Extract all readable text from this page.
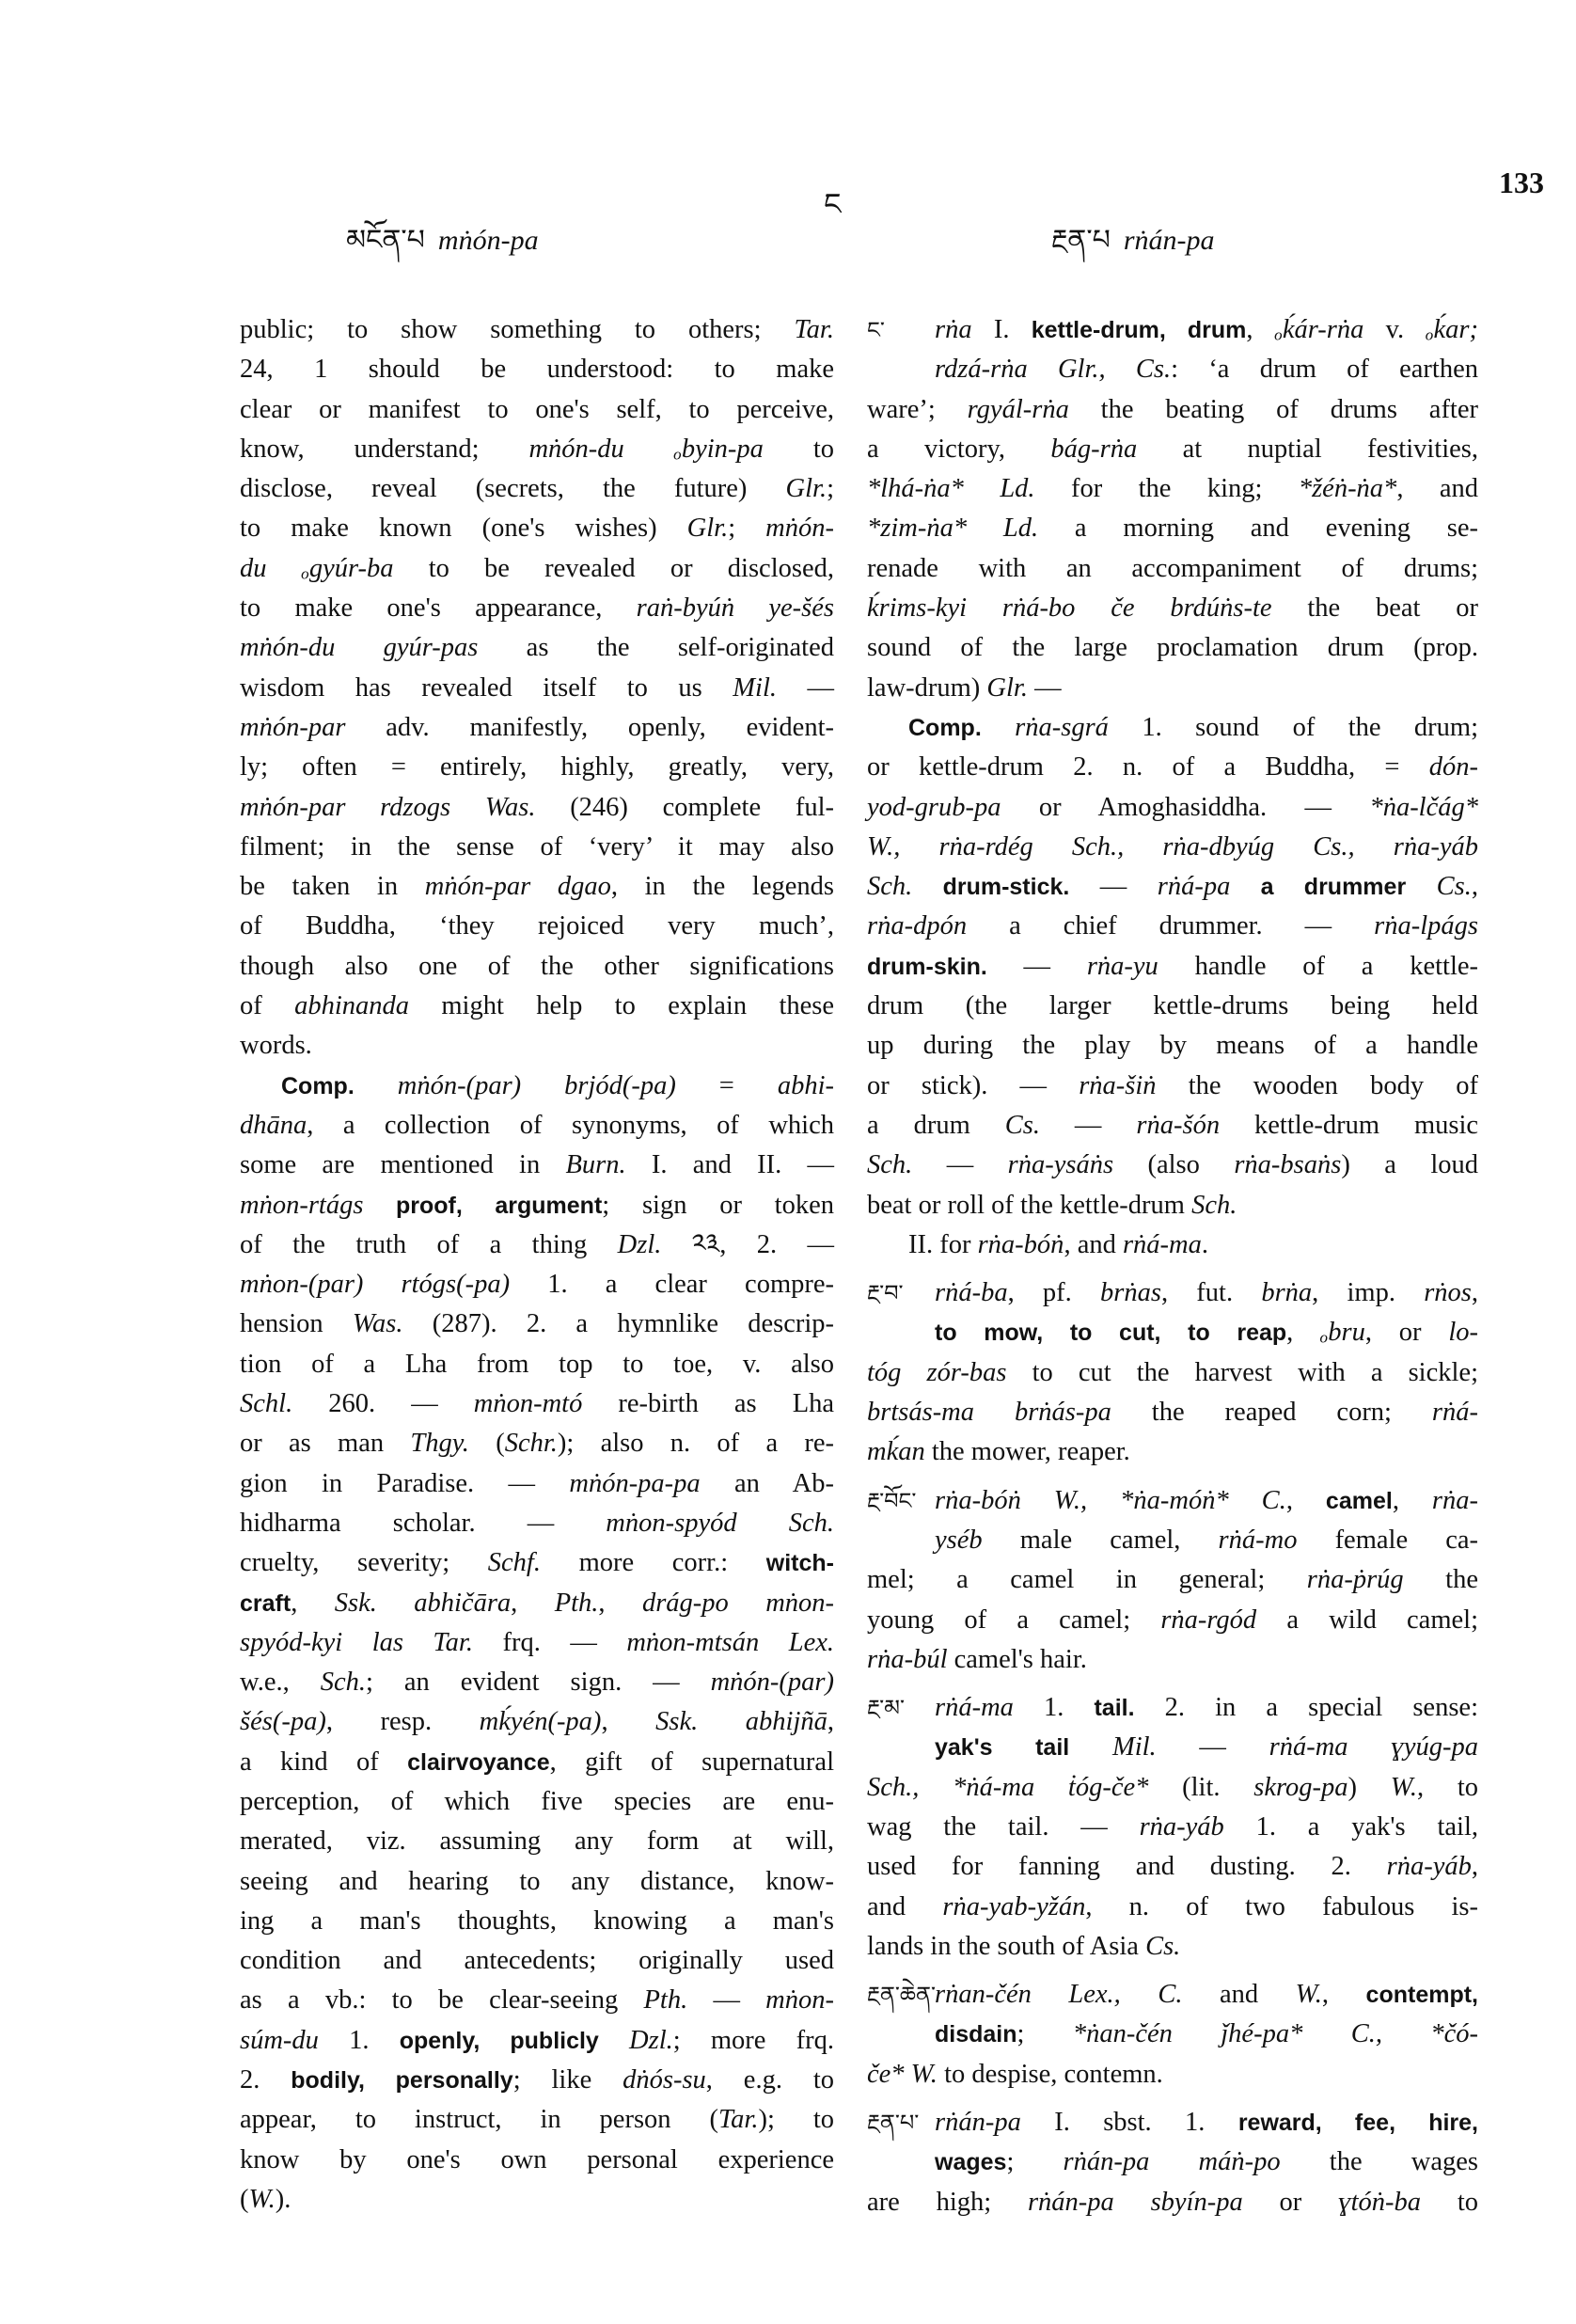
མངོན་པ mṅón-pa
ང
རྔན་པ rṅán-pa
133
public; to show something to others; Tar.
24, 1 should be understood: to make
clear or manifest to one's self, to perceive,
know, understand; mṅón-du ₒbyin-pa to
disclose, reveal (secrets, the future) Glr.;
to make known (one's wishes) Glr.; mṅón-
du ₒgyúr-ba to be revealed or disclosed,
to make one's appearance, raṅ-byúṅ ye-šés
mṅón-du gyúr-pas as the self-originated
wisdom has revealed itself to us Mil. —
mṅón-par adv. manifestly, openly, evident-
ly; often = entirely, highly, greatly, very,
mṅón-par rdzogs Was. (246) complete ful-
filment; in the sense of ‘very’ it may also
be taken in mṅón-par dgao, in the legends
of Buddha, ‘they rejoiced very much’,
though also one of the other significations
of abhinanda might help to explain these
words.
Comp. mṅón-(par) brjód(-pa) = abhi-
dhāna, a collection of synonyms, of which
some are mentioned in Burn. I. and II. —
mṅon-rtágs proof, argument; sign or token
of the truth of a thing Dzl. ༢༣, 2. —
mṅon-(par) rtógs(-pa) 1. a clear compre-
hension Was. (287). 2. a hymnlike descrip-
tion of a Lha from top to toe, v. also
Schl. 260. — mṅon-mtó re-birth as Lha
or as man Thgy. (Schr.); also n. of a re-
gion in Paradise. — mṅón-pa-pa an Ab-
hidharma scholar. — mṅon-spyód Sch.
cruelty, severity; Schf. more corr.: witch-
craft, Ssk. abhičāra, Pth., drág-po mṅon-
spyód-kyi las Tar. frq. — mṅon-mtsán Lex.
w.e., Sch.; an evident sign. — mṅón-(par)
šés(-pa), resp. mḱyén(-pa), Ssk. abhijñā,
a kind of clairvoyance, gift of supernatural
perception, of which five species are enu-
merated, viz. assuming any form at will,
seeing and hearing to any distance, know-
ing a man's thoughts, knowing a man's
condition and antecedents; originally used
as a vb.: to be clear-seeing Pth. — mṅon-
súm-du 1. openly, publicly Dzl.; more frq.
2. bodily, personally; like dṅós-su, e.g. to
appear, to instruct, in person (Tar.); to
know by one's own personal experience
(W.).
ང་ rṅa I. kettle-drum, drum, ₒḱár-rṅa v. ₒḱar;
rdzá-rṅa Glr., Cs.: ‘a drum of earthen
ware’; rgyál-rṅa the beating of drums after
a victory, bág-rṅa at nuptial festivities,
*lhá-ṅa* Ld. for the king; *žéṅ-ṅa*, and
*zim-ṅa* Ld. a morning and evening se-
renade with an accompaniment of drums;
ḱrims-kyi rṅá-bo če brdúṅs-te the beat or
sound of the large proclamation drum (prop.
law-drum) Glr. —
Comp. rṅa-sgrá 1. sound of the drum;
or kettle-drum 2. n. of a Buddha, = dón-
yod-grub-pa or Amoghasiddha. — *ṅa-lčág*
W., rṅa-rdég Sch., rṅa-dbyúg Cs., rṅa-yáb
Sch. drum-stick. — rṅá-pa a drummer Cs.,
rṅa-dpón a chief drummer. — rṅa-lpágs
drum-skin. — rṅa-yu handle of a kettle-
drum (the larger kettle-drums being held
up during the play by means of a handle
or stick). — rṅa-šiṅ the wooden body of
a drum Cs. — rṅa-šón kettle-drum music
Sch. — rṅa-ysáṅs (also rṅa-bsaṅs) a loud
beat or roll of the kettle-drum Sch.
II. for rṅa-bóṅ, and rṅá-ma.
རྔ་བ་ rṅá-ba, pf. brṅas, fut. brṅa, imp. rṅos,
to mow, to cut, to reap, ₒbru, or lo-
tóg zór-bas to cut the harvest with a sickle;
brtsás-ma brṅás-pa the reaped corn; rṅá-
mḱan the mower, reaper.
རྔ་བོང་ rṅa-bóṅ W., *ṅa-móṅ* C., camel, rṅa-
yséb male camel, rṅá-mo female ca-
mel; a camel in general; rṅa-ṗrúg the
young of a camel; rṅa-rgód a wild camel;
rṅa-búl camel's hair.
རྔ་མ་ rṅá-ma 1. tail. 2. in a special sense:
yak's tail Mil. — rṅá-ma ɣyúg-pa
Sch., *ṅá-ma ṫóg-če* (lit. skrog-pa) W., to
wag the tail. — rṅa-yáb 1. a yak's tail,
used for fanning and dusting. 2. rṅa-yáb,
and rṅa-yab-yžán, n. of two fabulous is-
lands in the south of Asia Cs.
རྔན་ཆེན་
rṅan-čén Lex., C. and W., contempt,
disdain; *ṅan-čén ǰhé-pa* C., *čó-
če* W. to despise, contemn.
རྔན་པ་ rṅán-pa I. sbst. 1. reward, fee, hire,
wages; rṅán-pa máṅ-po the wages
are high; rṅán-pa sbyín-pa or ɣtóṅ-ba to
